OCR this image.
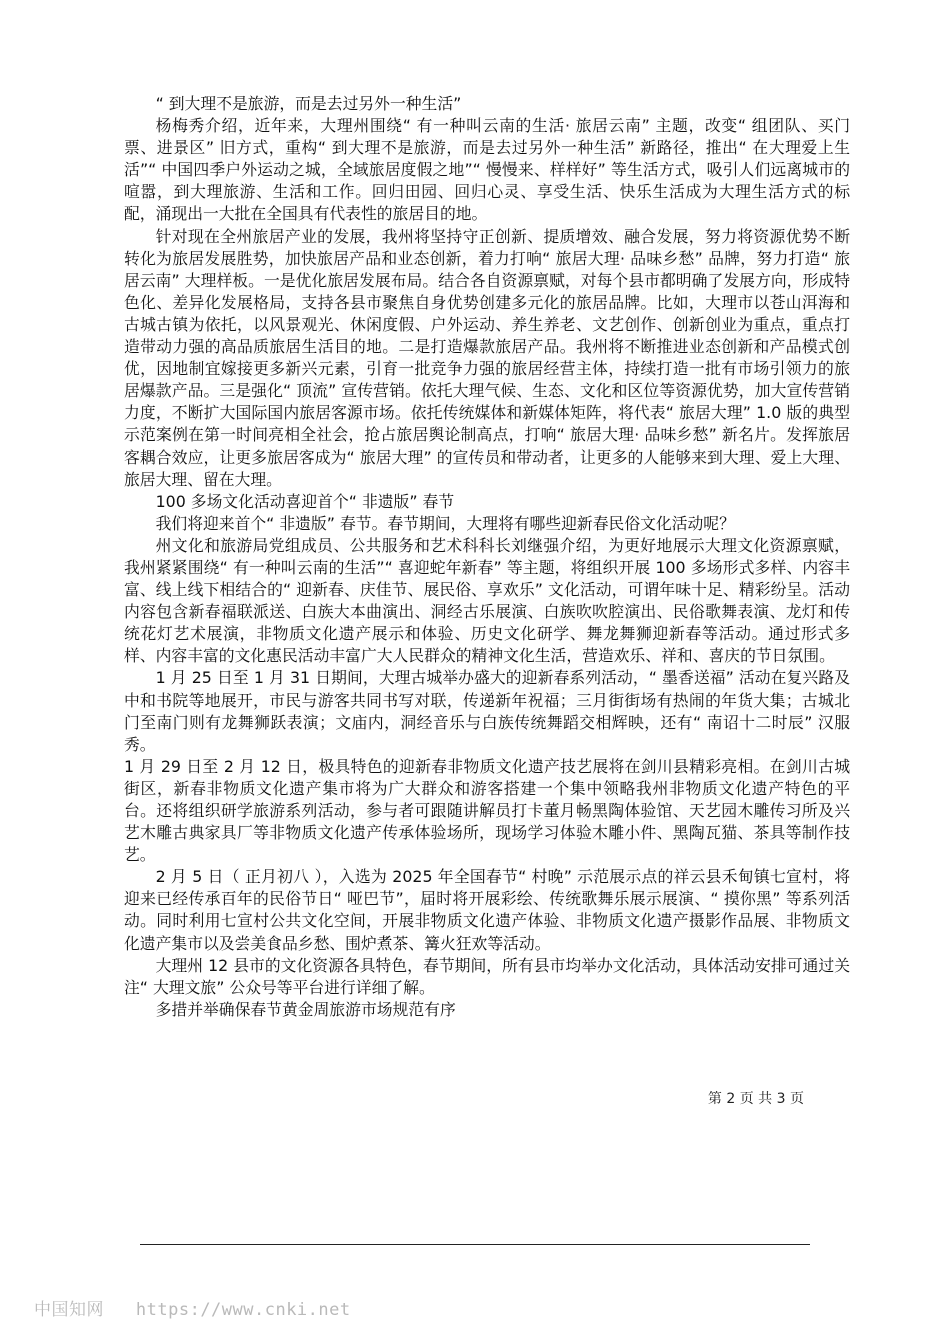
“ 到大理不是旅游，而是去过另外一种生活”

杨梅秀介绍，近年来，大理州围绕“ 有一种叫云南的生活· 旅居云南” 主题，改变“ 组团队、买门票、进景区” 旧方式，重构“ 到大理不是旅游，而是去过另外一种生活” 新路径，推出“ 在大理爱上生活”“ 中国四季户外运动之城，全域旅居度假之地”“ 慢慢来、样样好” 等生活方式，吸引人们远离城市的喧嚣，到大理旅游、生活和工作。回归田园、回归心灵、享受生活、快乐生活成为大理生活方式的标配，涌现出一大批在全国具有代表性的旅居目的地。

针对现在全州旅居产业的发展，我州将坚持守正创新、提质增效、融合发展，努力将资源优势不断转化为旅居发展胜势，加快旅居产品和业态创新，着力打响“ 旅居大理· 品味乡愁” 品牌，努力打造“ 旅居云南” 大理样板。一是优化旅居发展布局。结合各自资源禀赋，对每个县市都明确了发展方向，形成特色化、差异化发展格局，支持各县市聚焦自身优势创建多元化的旅居品牌。比如，大理市以苍山洱海和古城古镇为依托，以风景观光、休闲度假、户外运动、养生养老、文艺创作、创新创业为重点，重点打造带动力强的高品质旅居生活目的地。二是打造爆款旅居产品。我州将不断推进业态创新和产品模式创优，因地制宜嫁接更多新兴元素，引育一批竞争力强的旅居经营主体，持续打造一批有市场引领力的旅居爆款产品。三是强化“ 顶流” 宣传营销。依托大理气候、生态、文化和区位等资源优势，加大宣传营销力度，不断扩大国际国内旅居客源市场。依托传统媒体和新媒体矩阵，将代表“ 旅居大理” 1.0 版的典型示范案例在第一时间亮相全社会，抢占旅居舆论制高点，打响“ 旅居大理· 品味乡愁” 新名片。发挥旅居客耦合效应，让更多旅居客成为“ 旅居大理” 的宣传员和带动者，让更多的人能够来到大理、爱上大理、旅居大理、留在大理。

100 多场文化活动喜迎首个“ 非遗版” 春节

我们将迎来首个“ 非遗版” 春节。春节期间，大理将有哪些迎新春民俗文化活动呢？

州文化和旅游局党组成员、公共服务和艺术科科长刘继强介绍，为更好地展示大理文化资源禀赋，我州紧紧围绕“ 有一种叫云南的生活”“ 喜迎蛇年新春” 等主题，将组织开展 100 多场形式多样、内容丰富、线上线下相结合的“ 迎新春、庆佳节、展民俗、享欢乐” 文化活动，可谓年味十足、精彩纷呈。活动内容包含新春福联派送、白族大本曲演出、洞经古乐展演、白族吹吹腔演出、民俗歌舞表演、龙灯和传统花灯艺术展演，非物质文化遗产展示和体验、历史文化研学、舞龙舞狮迎新春等活动。通过形式多样、内容丰富的文化惠民活动丰富广大人民群众的精神文化生活，营造欢乐、祥和、喜庆的节日氛围。

1 月 25 日至 1 月 31 日期间，大理古城举办盛大的迎新春系列活动，“ 墨香送福” 活动在复兴路及中和书院等地展开，市民与游客共同书写对联，传递新年祝福；三月街街场有热闹的年货大集；古城北门至南门则有龙舞狮跃表演；文庙内，洞经音乐与白族传统舞蹈交相辉映，还有“ 南诏十二时辰” 汉服秀。

1 月 29 日至 2 月 12 日，极具特色的迎新春非物质文化遗产技艺展将在剑川县精彩亮相。在剑川古城街区，新春非物质文化遗产集市将为广大群众和游客搭建一个集中领略我州非物质文化遗产特色的平台。还将组织研学旅游系列活动，参与者可跟随讲解员打卡董月畅黑陶体验馆、天艺园木雕传习所及兴艺木雕古典家具厂等非物质文化遗产传承体验场所，现场学习体验木雕小件、黑陶瓦猫、茶具等制作技艺。

2 月 5 日（ 正月初八 ），入选为 2025 年全国春节“ 村晚” 示范展示点的祥云县禾甸镇七宣村，将迎来已经传承百年的民俗节日“ 哑巴节”，届时将开展彩绘、传统歌舞乐展示展演、“ 摸你黑” 等系列活动。同时利用七宣村公共文化空间，开展非物质文化遗产体验、非物质文化遗产摄影作品展、非物质文化遗产集市以及尝美食品乡愁、围炉煮茶、篝火狂欢等活动。

大理州 12 县市的文化资源各具特色，春节期间，所有县市均举办文化活动，具体活动安排可通过关注“ 大理文旅” 公众号等平台进行详细了解。

多措并举确保春节黄金周旅游市场规范有序

第 2 页 共 3 页
中国知网 https://www.cnki.net
